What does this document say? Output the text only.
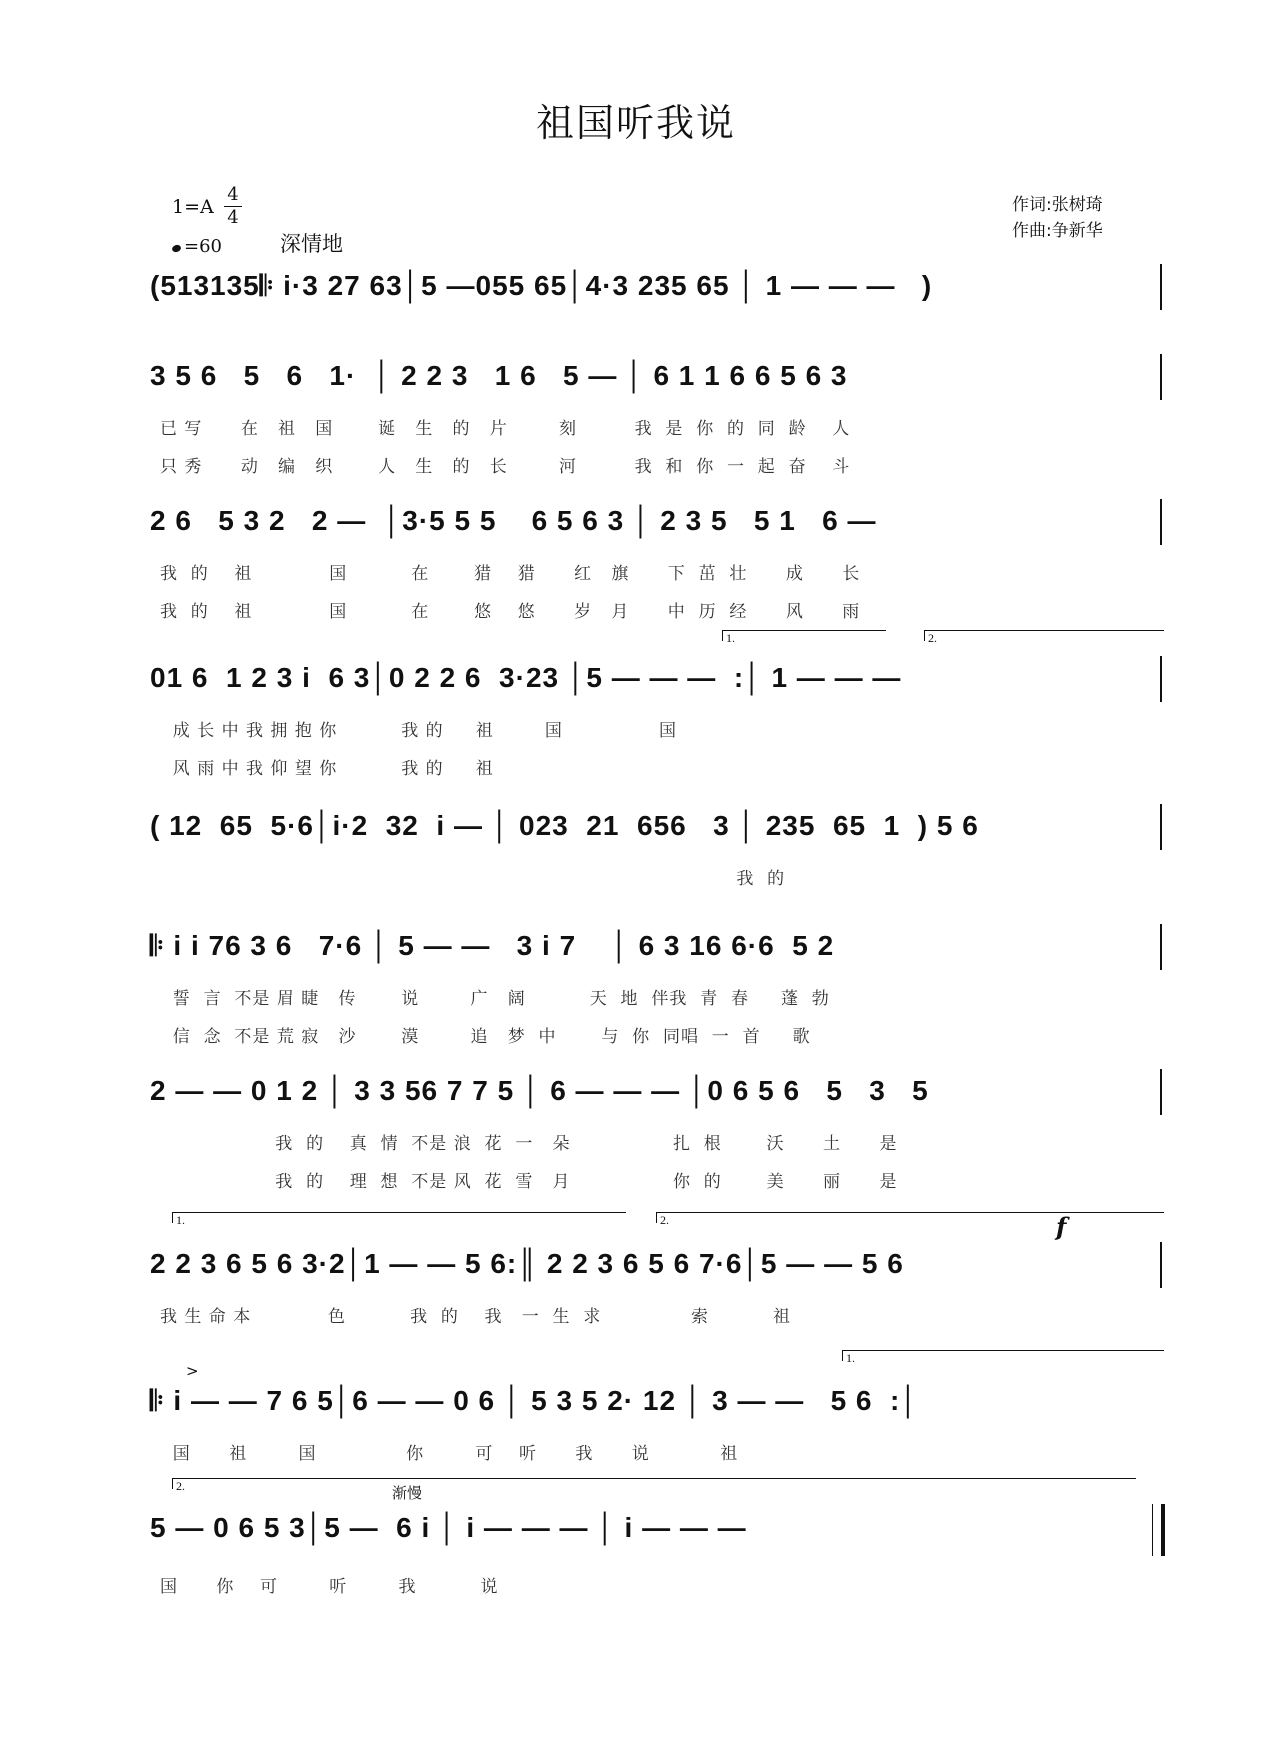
祖国听我说
1=A
4
4
=60	深情地
作词:张树琦
作曲:争新华
(513135𝄆 i·3 27 63│5 —055 65│4·3 235 65 │ 1 — — —   )
3 5 6   5   6   1·  │ 2 2 3   1 6   5 — │ 6 1 1 6 6 5 6 3
已 写      在   祖   国       诞   生   的   片        刻         我  是  你  的  同  龄    人
只 秀      动   编   织       人   生   的   长        河         我  和  你  一  起  奋    斗
2 6   5 3 2   2 —  │3·5 5 5    6 5 6 3 │ 2 3 5   5 1   6 —
我  的    祖            国          在       猎    猎      红   旗      下  茁  壮      成      长
我  的    祖            国          在       悠    悠      岁   月      中  历  经      风      雨
1.	2.
01 6  1 2 3 i  6 3│0 2 2 6  3·23 │5 — — —  :│ 1 — — —
成 长 中 我 拥 抱 你          我 的     祖        国               国
风 雨 中 我 仰 望 你          我 的     祖
( 12  65  5·6│i·2  32  i — │ 023  21  656   3 │ 235  65  1  ) 5 6
我  的
𝄆 i i 76 3 6   7·6 │ 5 — —   3 i 7    │ 6 3 16 6·6  5 2
誓  言  不是 眉 睫   传       说        广   阔          天  地  伴我  青  春     蓬  勃
信  念  不是 荒 寂   沙       漠        追   梦  中       与  你  同唱  一  首     歌
2 — — 0 1 2 │ 3 3 56 7 7 5 │ 6 — — — │0 6 5 6   5   3   5
我  的    真  情  不是 浪  花  一   朵                扎  根       沃      土      是
我  的    理  想  不是 风  花  雪   月                你  的       美      丽      是
1.	2.	f
2 2 3 6 5 6 3·2│1 — — 5 6:║ 2 2 3 6 5 6 7·6│5 — — 5 6
我 生 命 本            色          我  的    我   一  生  求              索          祖
>
1.
𝄆 i — — 7 6 5│6 — — 0 6 │ 5 3 5 2· 12 │ 3 — —   5 6  :│
国      祖        国              你        可    听      我      说           祖
2.	渐慢
5 — 0 6 5 3│5 —  6 i │ i — — — │ i — — —
国      你    可        听        我          说
